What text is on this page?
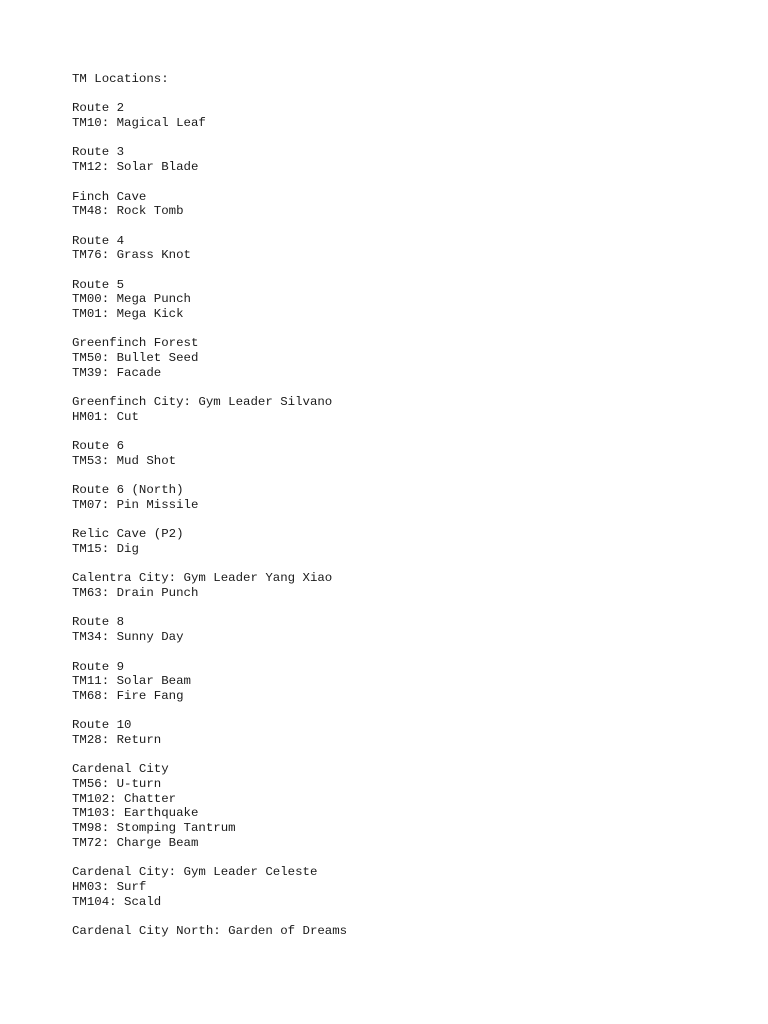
TM Locations:
Route 2
TM10: Magical Leaf
Route 3
TM12: Solar Blade
Finch Cave
TM48: Rock Tomb
Route 4
TM76: Grass Knot
Route 5
TM00: Mega Punch
TM01: Mega Kick
Greenfinch Forest
TM50: Bullet Seed
TM39: Facade
Greenfinch City: Gym Leader Silvano
HM01: Cut
Route 6
TM53: Mud Shot
Route 6 (North)
TM07: Pin Missile
Relic Cave (P2)
TM15: Dig
Calentra City: Gym Leader Yang Xiao
TM63: Drain Punch
Route 8
TM34: Sunny Day
Route 9
TM11: Solar Beam
TM68: Fire Fang
Route 10
TM28: Return
Cardenal City
TM56: U-turn
TM102: Chatter
TM103: Earthquake
TM98: Stomping Tantrum
TM72: Charge Beam
Cardenal City: Gym Leader Celeste
HM03: Surf
TM104: Scald
Cardenal City North: Garden of Dreams
